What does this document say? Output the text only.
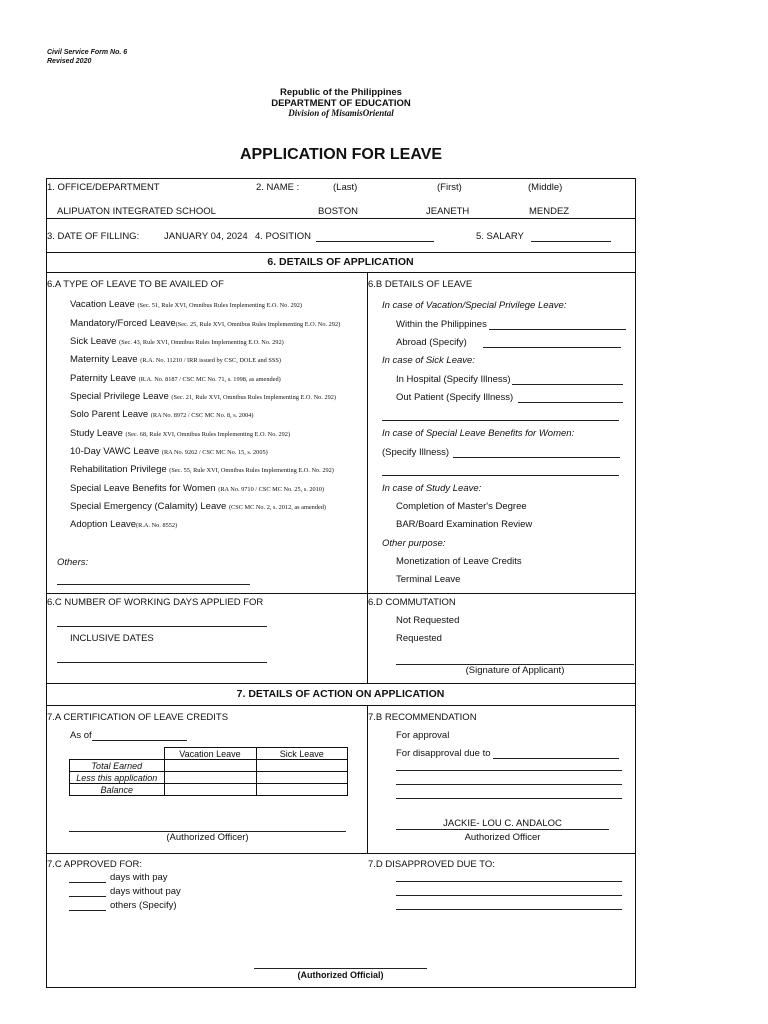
Civil Service Form No. 6
Revised 2020
Republic of the Philippines
DEPARTMENT OF EDUCATION
Division of MisamisOriental
APPLICATION FOR LEAVE
1. OFFICE/DEPARTMENT	2. NAME :	(Last)	(First)	(Middle)
ALIPUATON INTEGRATED SCHOOL	BOSTON	JEANETH	MENDEZ
3. DATE OF FILLING:	JANUARY 04, 2024 4. POSITION	5. SALARY
6. DETAILS OF APPLICATION
6.A TYPE OF LEAVE TO BE AVAILED OF	6.B DETAILS OF LEAVE
Vacation Leave (Sec. 51, Rule XVI, Omnibus Rules Implementing E.O. No. 292)
Mandatory/Forced Leave(Sec. 25, Rule XVI, Omnibus Rules Implementing E.O. No. 292)
Sick Leave (Sec. 43, Rule XVI, Omnibus Rules Implementing E.O. No. 292)
Maternity Leave (R.A. No. 11210 / IRR issued by CSC, DOLE and SSS)
Paternity Leave (R.A. No. 8187 / CSC MC No. 71, s. 1998, as amended)
Special Privilege Leave (Sec. 21, Rule XVI, Omnibus Rules Implementing E.O. No. 292)
Solo Parent Leave (RA No. 8972 / CSC MC No. 8, s. 2004)
Study Leave (Sec. 68, Rule XVI, Omnibus Rules Implementing E.O. No. 292)
10-Day VAWC Leave (RA No. 9262 / CSC MC No. 15, s. 2005)
Rehabilitation Privilege (Sec. 55, Rule XVI, Omnibus Rules Implementing E.O. No. 292)
Special Leave Benefits for Women (RA No. 9710 / CSC MC No. 25, s. 2010)
Special Emergency (Calamity) Leave (CSC MC No. 2, s. 2012, as amended)
Adoption Leave(R.A. No. 8552)
Others:
In case of Vacation/Special Privilege Leave:
Within the Philippines
Abroad (Specify)
In case of Sick Leave:
In Hospital (Specify Illness)
Out Patient (Specify Illness)
In case of Special Leave Benefits for Women:
(Specify Illness)
In case of Study Leave:
Completion of Master's Degree
BAR/Board Examination Review
Other purpose:
Monetization of Leave Credits
Terminal Leave
6.C NUMBER OF WORKING DAYS APPLIED FOR
INCLUSIVE DATES
6.D COMMUTATION
Not Requested
Requested
(Signature of Applicant)
7. DETAILS OF ACTION ON APPLICATION
7.A CERTIFICATION OF LEAVE CREDITS
As of
	Vacation Leave	Sick Leave
Total Earned		
Less this application		
Balance		
(Authorized Officer)
7.B RECOMMENDATION
For approval
For disapproval due to
JACKIE- LOU C. ANDALOC
Authorized Officer
7.C APPROVED FOR:
days with pay
days without pay
others (Specify)
7.D DISAPPROVED DUE TO:
(Authorized Official)
